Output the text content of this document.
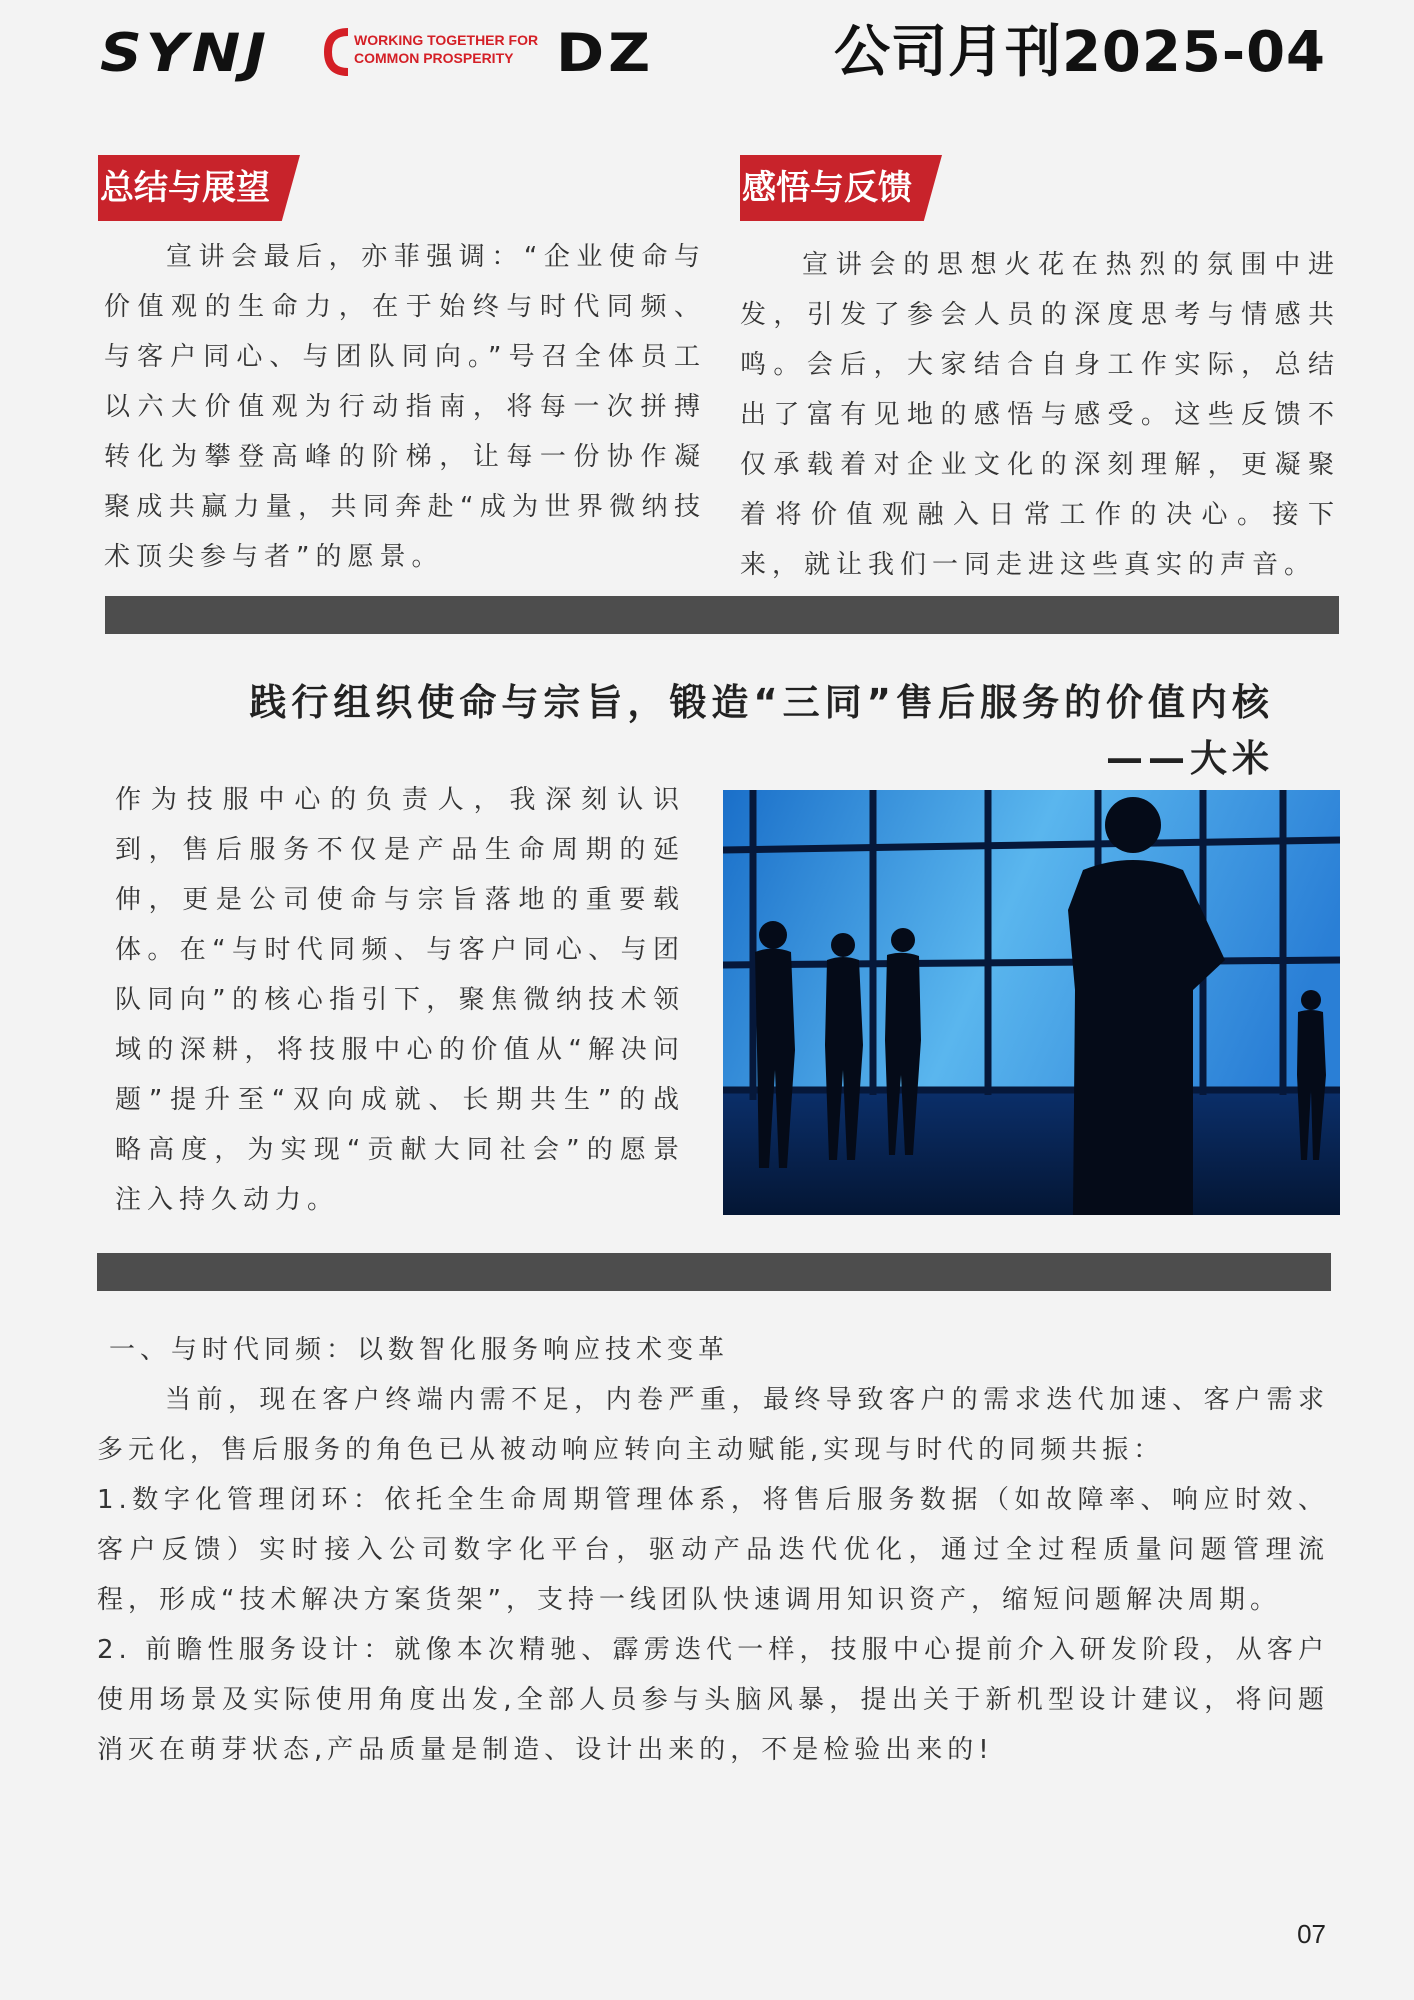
SYNJ	WORKING TOGETHER FOR
COMMON PROSPERITY DZ	公司月刊2025-04
总结与展望

宣讲会最后，亦菲强调：“企业使命与价值观的生命力，在于始终与时代同频、与客户同心、与团队同向。”号召全体员工以六大价值观为行动指南，将每一次拼搏转化为攀登高峰的阶梯，让每一份协作凝聚成共赢力量，共同奔赴“成为世界微纳技术顶尖参与者”的愿景。

感悟与反馈

宣讲会的思想火花在热烈的氛围中进发，引发了参会人员的深度思考与情感共鸣。会后，大家结合自身工作实际，总结出了富有见地的感悟与感受。这些反馈不仅承载着对企业文化的深刻理解，更凝聚着将价值观融入日常工作的决心。接下来，就让我们一同走进这些真实的声音。

践行组织使命与宗旨，锻造“三同”售后服务的价值内核
——大米

作为技服中心的负责人，我深刻认识到，售后服务不仅是产品生命周期的延伸，更是公司使命与宗旨落地的重要载体。在“与时代同频、与客户同心、与团队同向”的核心指引下，聚焦微纳技术领域的深耕，将技服中心的价值从“解决问题”提升至“双向成就、长期共生”的战略高度，为实现“贡献大同社会”的愿景注入持久动力。

一、与时代同频：以数智化服务响应技术变革

当前，现在客户终端内需不足，内卷严重，最终导致客户的需求迭代加速、客户需求多元化，售后服务的角色已从被动响应转向主动赋能,实现与时代的同频共振：

1.数字化管理闭环：依托全生命周期管理体系，将售后服务数据（如故障率、响应时效、客户反馈）实时接入公司数字化平台，驱动产品迭代优化，通过全过程质量问题管理流程，形成“技术解决方案货架”，支持一线团队快速调用知识资产，缩短问题解决周期。

2. 前瞻性服务设计：就像本次精驰、霹雳迭代一样，技服中心提前介入研发阶段，从客户使用场景及实际使用角度出发,全部人员参与头脑风暴，提出关于新机型设计建议，将问题消灭在萌芽状态,产品质量是制造、设计出来的，不是检验出来的!

07
